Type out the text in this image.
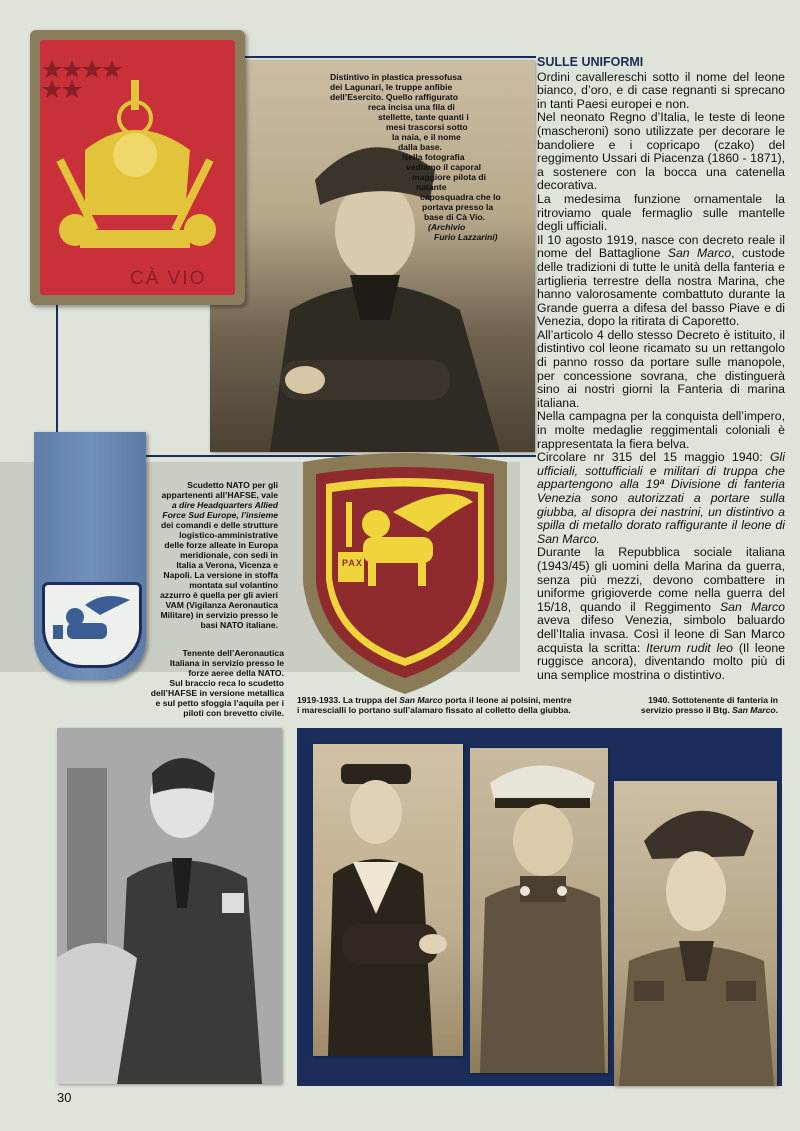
CÀ VIO
Distintivo in plastica pressofusa
dei Lagunari, le truppe anfibie
dell’Esercito. Quello raffigurato
reca incisa una fila di
stellette, tante quanti i
mesi trascorsi sotto
la naia, e il nome
dalla base.
Nella fotografia
vediamo il caporal
maggiore pilota di
natante
caposquadra che lo
portava presso la
base di Cà Vio.
(Archivio
Furio Lazzarini)
Scudetto NATO per gli
appartenenti all’HAFSE, vale
a dire Headquarters Allied
Force Sud Europe, l’insieme
dei comandi e delle strutture
logistico-amministrative
delle forze alleate in Europa
meridionale, con sedi in
Italia a Verona, Vicenza e
Napoli. La versione in stoffa
montata sul volantino
azzurro è quella per gli avieri
VAM (Vigilanza Aeronautica
Militare) in servizio presso le
basi NATO italiane.
PAX
SULLE UNIFORMI

Ordini cavallereschi sotto il nome del leone bianco, d’oro, e di case regnanti si sprecano in tanti Paesi europei e non.

Nel neonato Regno d’Italia, le teste di leone (mascheroni) sono utilizzate per decorare le bandoliere e i copricapo (czako) del reggimento Ussari di Piacenza (1860 - 1871), a sostenere con la bocca una catenella decorativa.

La medesima funzione ornamentale la ritroviamo quale fermaglio sulle mantelle degli ufficiali.

Il 10 agosto 1919, nasce con decreto reale il nome del Battaglione San Marco, custode delle tradizioni di tutte le unità della fanteria e artiglieria terrestre della nostra Marina, che hanno valorosamente combattuto durante la Grande guerra a difesa del basso Piave e di Venezia, dopo la ritirata di Caporetto.

All’articolo 4 dello stesso Decreto è istituito, il distintivo col leone ricamato su un rettangolo di panno rosso da portare sulle manopole, per concessione sovrana, che distinguerà sino ai nostri giorni la Fanteria di marina italiana.

Nella campagna per la conquista dell’impero, in molte medaglie reggimentali coloniali è rappresentata la fiera belva.

Circolare nr 315 del 15 maggio 1940: Gli ufficiali, sottufficiali e militari di truppa che appartengono alla 19ª Divisione di fanteria Venezia sono autorizzati a portare sulla giubba, al disopra dei nastrini, un distintivo a spilla di metallo dorato raffigurante il leone di San Marco.

Durante la Repubblica sociale italiana (1943/45) gli uomini della Marina da guerra, senza più mezzi, devono combattere in uniforme grigioverde come nella guerra del 15/18, quando il Reggimento San Marco aveva difeso Venezia, simbolo baluardo dell’Italia invasa. Così il leone di San Marco acquista la scritta: Iterum rudit leo (Il leone ruggisce ancora), diventando molto più di una semplice mostrina o distintivo.

Tenente dell’Aeronautica
Italiana in servizio presso le
forze aeree della NATO.
Sul braccio reca lo scudetto
dell’HAFSE in versione metallica
e sul petto sfoggia l’aquila per i
piloti con brevetto civile.
1919-1933. La truppa del San Marco porta il leone ai polsini, mentre
i marescialli lo portano sull’alamaro fissato al colletto della giubba.
1940. Sottotenente di fanteria in
servizio presso il Btg. San Marco.
30
